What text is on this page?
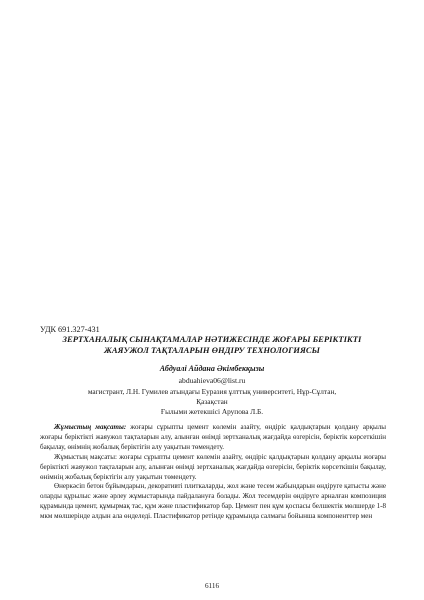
УДК 691.327-431
ЗЕРТХАНАЛЫҚ СЫНАҚТАМАЛАР НӘТИЖЕСІНДЕ ЖОҒАРЫ БЕРІКТІКТІ
ЖАЯУЖОЛ ТАҚТАЛАРЫН ӨНДІРУ ТЕХНОЛОГИЯСЫ
Абдуалі Айдана Әкімбекқызы
abduahieva06@list.ru
магистрант, Л.Н. Гумилев атындағы Еуразия ұлттық университеті, Нұр-Сұлтан,
Қазақстан
Ғылыми жетекшісі Арупова Л.Б.

Жұмыстың мақсаты: жоғары сұрыпты цемент көлемін азайту, өндіріс қалдықтарын қолдану арқылы жоғары беріктікті жаяужол тақталарын алу, алынған өнімді зертханалық жағдайда өзгерісін, беріктік көрсеткішін бақылау, өнімнің жобалық беріктігін алу уақытын төмендету.

Жұмыстың мақсаты: жоғары сұрыпты цемент көлемін азайту, өндіріс қалдықтарын қолдану арқылы жоғары беріктікті жаяужол тақталарын алу, алынған өнімді зертханалық жағдайда өзгерісін, беріктік көрсеткішін бақылау, өнімнің жобалық беріктігін алу уақытын төмендету.

Өнеркәсіп бетон бұйымдарын, декоративті плиткаларды, жол және тесем жабындарын өндіруге қатысты және оларды құрылыс және әрлеу жұмыстарында пайдалануға болады. Жол тесемдерін өндіруге арналған композиция құрамында цемент, құмырмақ тас, құм және пластификатор бар. Цемент пен құм қоспасы белшектік мөлшерде 1-8 мкм мөлшерінде алдын ала өнделеді. Пластификатор ретінде құрамында салмағы бойынша компоненттер мен

6116
